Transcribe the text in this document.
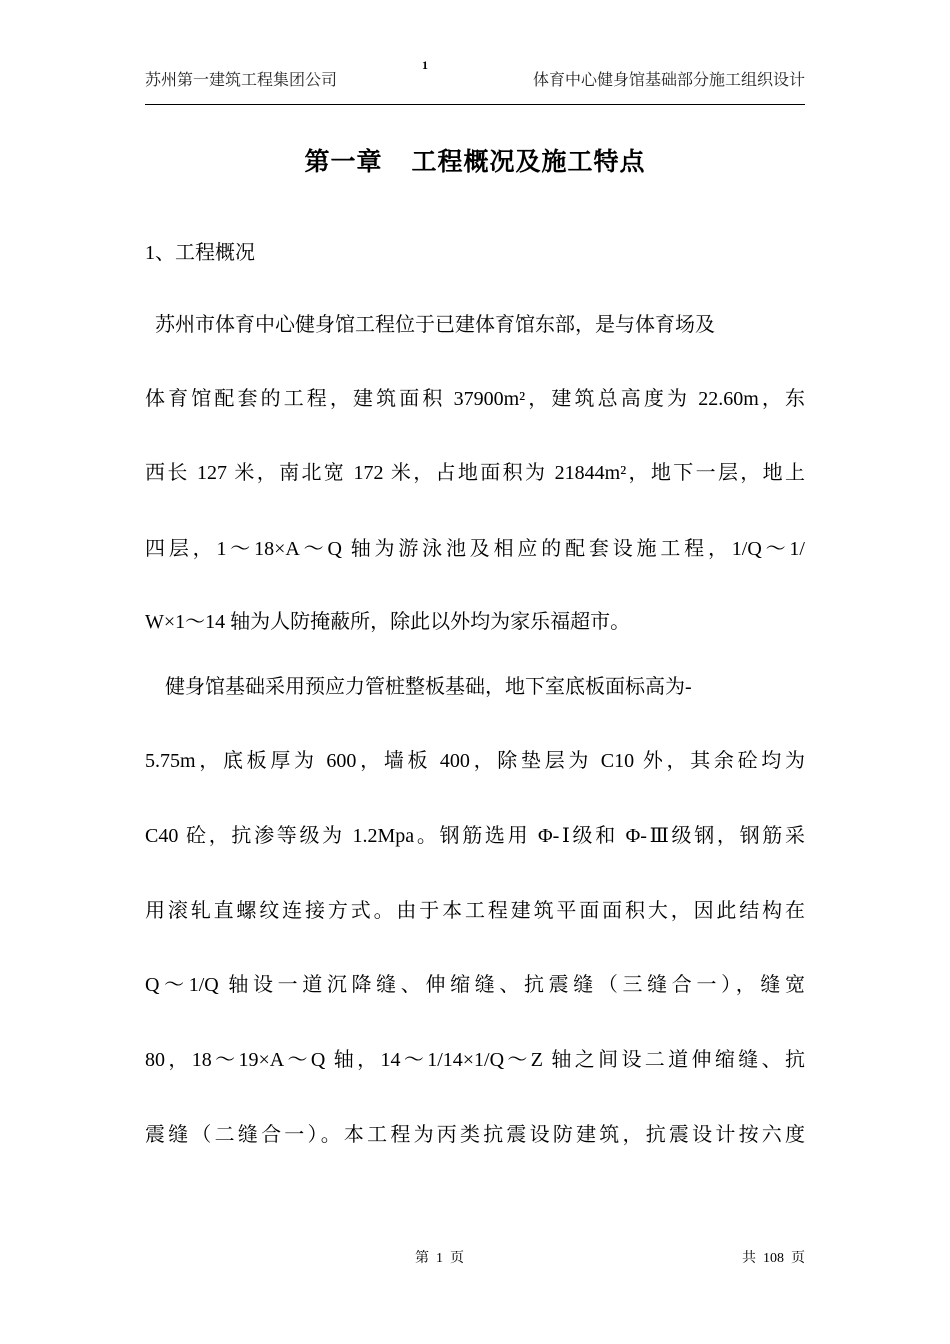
苏州第一建筑工程集团公司
1
体育中心健身馆基础部分施工组织设计
第一章    工程概况及施工特点
1、工程概况
苏州市体育中心健身馆工程位于已建体育馆东部，是与体育场及
体育馆配套的工程，建筑面积 37900m²，建筑总高度为 22.60m，东
西长 127 米，南北宽 172 米，占地面积为 21844m²，地下一层，地上
四层，1～18×A～Q 轴为游泳池及相应的配套设施工程，1/Q～1/
W×1～14 轴为人防掩蔽所，除此以外均为家乐福超市。
健身馆基础采用预应力管桩整板基础，地下室底板面标高为-
5.75m，底板厚为 600，墙板 400，除垫层为 C10 外，其余砼均为
C40 砼，抗渗等级为 1.2Mpa。钢筋选用 Φ-Ⅰ级和 Φ-Ⅲ级钢，钢筋采
用滚轧直螺纹连接方式。由于本工程建筑平面面积大，因此结构在
Q～1/Q 轴设一道沉降缝、伸缩缝、抗震缝（三缝合一），缝宽
80，18～19×A～Q 轴，14～1/14×1/Q～Z 轴之间设二道伸缩缝、抗
震缝（二缝合一）。本工程为丙类抗震设防建筑，抗震设计按六度
第  1  页	共  108  页
